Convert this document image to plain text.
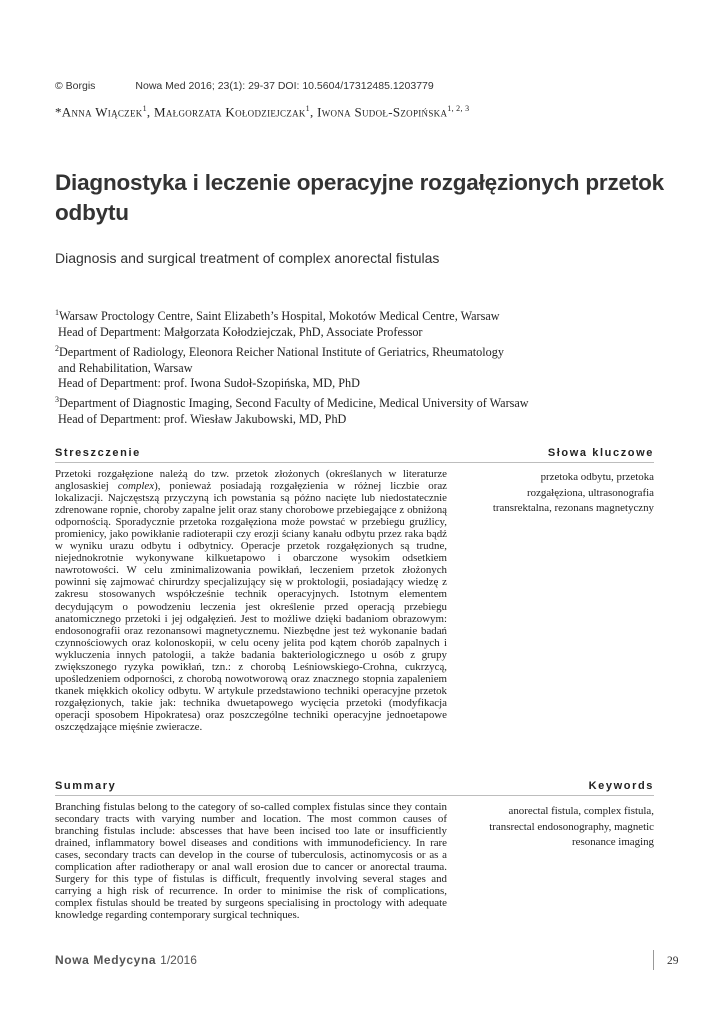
© Borgis	Nowa Med 2016; 23(1): 29-37 DOI: 10.5604/17312485.1203779
*Anna Wiączek$^1$, Małgorzata Kołodziejczak$^1$, Iwona Sudoł-Szopińska$^{1, 2, 3}$
Diagnostyka i leczenie operacyjne rozgałęzionych przetok odbytu
Diagnosis and surgical treatment of complex anorectal fistulas
$^1$Warsaw Proctology Centre, Saint Elizabeth’s Hospital, Mokotów Medical Centre, Warsaw
Head of Department: Małgorzata Kołodziejczak, PhD, Associate Professor
$^2$Department of Radiology, Eleonora Reicher National Institute of Geriatrics, Rheumatology
and Rehabilitation, Warsaw
Head of Department: prof. Iwona Sudoł-Szopińska, MD, PhD
$^3$Department of Diagnostic Imaging, Second Faculty of Medicine, Medical University of Warsaw
Head of Department: prof. Wiesław Jakubowski, MD, PhD
Streszczenie	Słowa kluczowe
Przetoki rozgałęzione należą do tzw. przetok złożonych (określanych w literaturze anglosaskiej complex), ponieważ posiadają rozgałęzienia w różnej liczbie oraz lokalizacji. Najczęstszą przyczyną ich powstania są późno nacięte lub niedostatecznie zdrenowane ropnie, choroby zapalne jelit oraz stany chorobowe przebiegające z obniżoną odpornością. Sporadycznie przetoka rozgałęziona może powstać w przebiegu gruźlicy, promienicy, jako powikłanie radioterapii czy erozji ściany kanału odbytu przez raka bądź w wyniku urazu odbytu i odbytnicy. Operacje przetok rozgałęzionych są trudne, niejednokrotnie wykonywane kilkuetapowo i obarczone wysokim odsetkiem nawrotowości. W celu zminimalizowania powikłań, leczeniem przetok złożonych powinni się zajmować chirurdzy specjalizujący się w proktologii, posiadający wiedzę z zakresu stosowanych współcześnie technik operacyjnych. Istotnym elementem decydującym o powodzeniu leczenia jest określenie przed operacją przebiegu anatomicznego przetoki i jej odgałęzień. Jest to możliwe dzięki badaniom obrazowym: endosonografii oraz rezonansowi magnetycznemu. Niezbędne jest też wykonanie badań czynnościowych oraz kolonoskopii, w celu oceny jelita pod kątem chorób zapalnych i wykluczenia innych patologii, a także badania bakteriologicznego u osób z grupy zwiększonego ryzyka powikłań, tzn.: z chorobą Leśniowskiego-Crohna, cukrzycą, upośledzeniem odporności, z chorobą nowotworową oraz znacznego stopnia zapaleniem tkanek miękkich okolicy odbytu. W artykule przedstawiono techniki operacyjne przetok rozgałęzionych, takie jak: technika dwuetapowego wycięcia przetoki (modyfikacja operacji sposobem Hipokratesa) oraz poszczególne techniki operacyjne jednoetapowe oszczędzające mięśnie zwieracze.
przetoka odbytu, przetoka
rozgałęziona, ultrasonografia
transrektalna, rezonans magnetyczny
Summary	Keywords
Branching fistulas belong to the category of so-called complex fistulas since they contain secondary tracts with varying number and location. The most common causes of branching fistulas include: abscesses that have been incised too late or insufficiently drained, inflammatory bowel diseases and conditions with immunodeficiency. In rare cases, secondary tracts can develop in the course of tuberculosis, actinomycosis or as a complication after radiotherapy or anal wall erosion due to cancer or anorectal trauma. Surgery for this type of fistulas is difficult, frequently involving several stages and carrying a high risk of recurrence. In order to minimise the risk of complications, complex fistulas should be treated by surgeons specialising in proctology with adequate knowledge regarding contemporary surgical techniques.
anorectal fistula, complex fistula,
transrectal endosonography, magnetic
resonance imaging
Nowa Medycyna 1/2016	29
